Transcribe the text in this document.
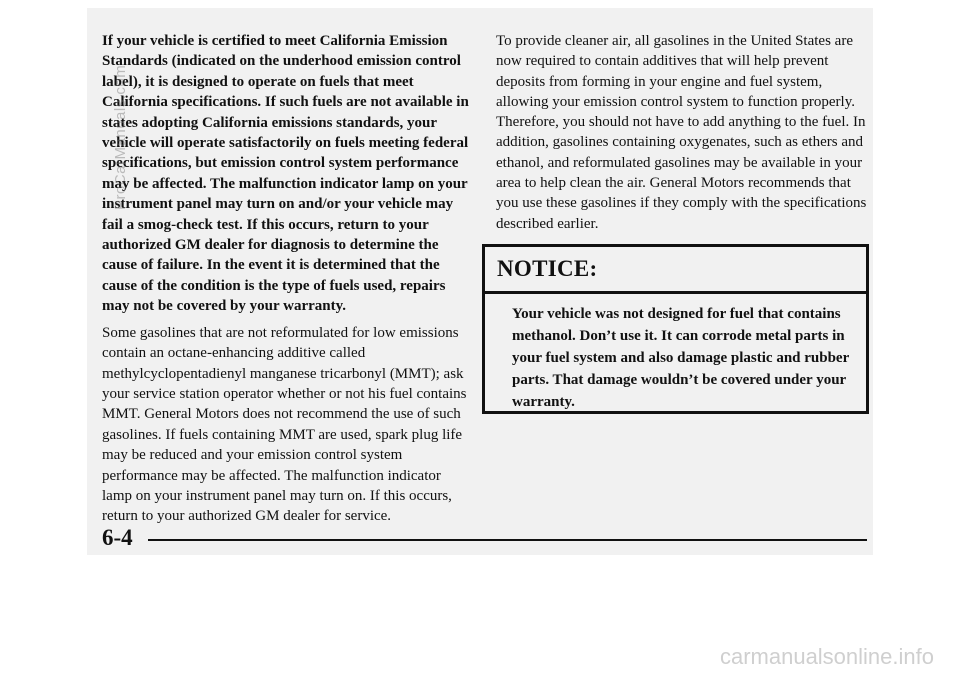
If your vehicle is certified to meet California Emission Standards (indicated on the underhood emission control label), it is designed to operate on fuels that meet California specifications. If such fuels are not available in states adopting California emissions standards, your vehicle will operate satisfactorily on fuels meeting federal specifications, but emission control system performance may be affected. The malfunction indicator lamp on your instrument panel may turn on and/or your vehicle may fail a smog-check test. If this occurs, return to your authorized GM dealer for diagnosis to determine the cause of failure. In the event it is determined that the cause of the condition is the type of fuels used, repairs may not be covered by your warranty.

Some gasolines that are not reformulated for low emissions contain an octane-enhancing additive called methylcyclopentadienyl manganese tricarbonyl (MMT); ask your service station operator whether or not his fuel contains MMT. General Motors does not recommend the use of such gasolines. If fuels containing MMT are used, spark plug life may be reduced and your emission control system performance may be affected. The malfunction indicator lamp on your instrument panel may turn on. If this occurs, return to your authorized GM dealer for service.

To provide cleaner air, all gasolines in the United States are now required to contain additives that will help prevent deposits from forming in your engine and fuel system, allowing your emission control system to function properly. Therefore, you should not have to add anything to the fuel. In addition, gasolines containing oxygenates, such as ethers and ethanol, and reformulated gasolines may be available in your area to help clean the air. General Motors recommends that you use these gasolines if they comply with the specifications described earlier.

NOTICE:
Your vehicle was not designed for fuel that contains methanol. Don’t use it. It can corrode metal parts in your fuel system and also damage plastic and rubber parts. That damage wouldn’t be covered under your warranty.
6-4
ProCarManuals.com
carmanualsonline.info
